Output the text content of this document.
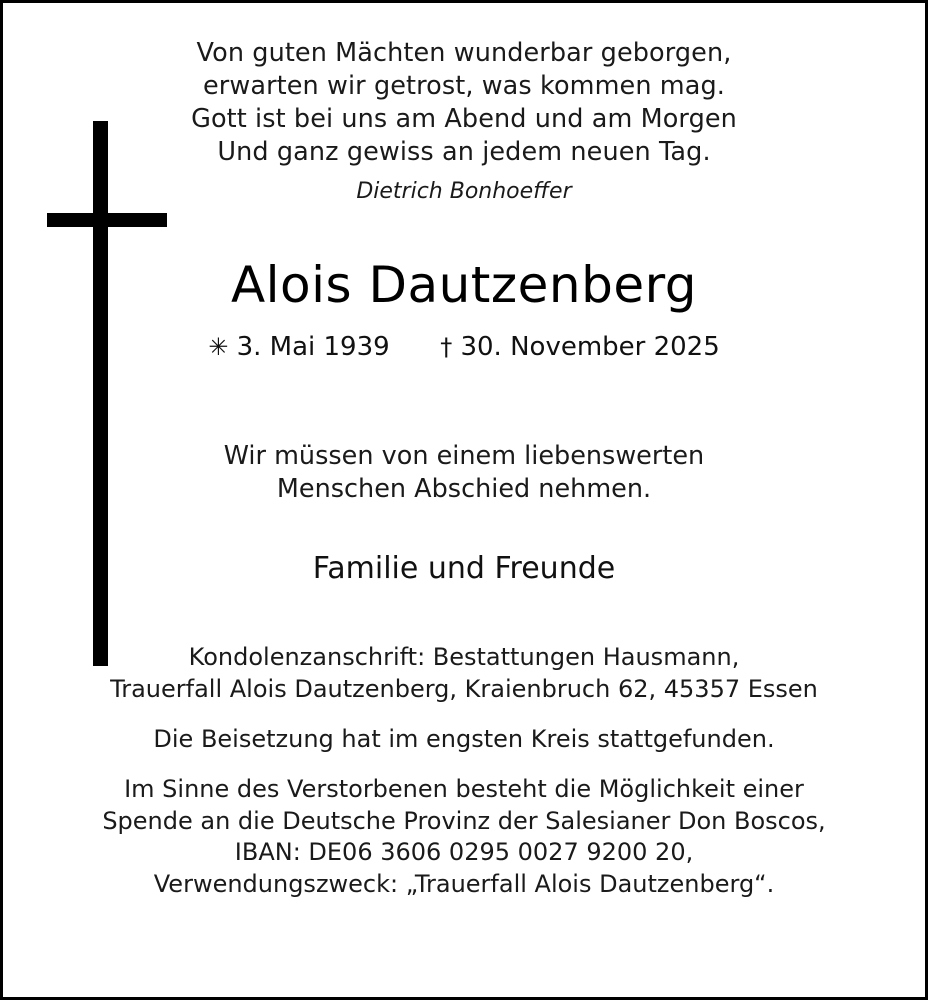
Von guten Mächten wunderbar geborgen,
erwarten wir getrost, was kommen mag.
Gott ist bei uns am Abend und am Morgen
Und ganz gewiss an jedem neuen Tag.
Dietrich Bonhoeffer
Alois Dautzenberg
✳ 3. Mai 1939 † 30. November 2025
Wir müssen von einem liebenswerten
Menschen Abschied nehmen.
Familie und Freunde
Kondolenzanschrift: Bestattungen Hausmann,
Trauerfall Alois Dautzenberg, Kraienbruch 62, 45357 Essen
Die Beisetzung hat im engsten Kreis stattgefunden.
Im Sinne des Verstorbenen besteht die Möglichkeit einer
Spende an die Deutsche Provinz der Salesianer Don Boscos,
IBAN: DE06 3606 0295 0027 9200 20,
Verwendungszweck: „Trauerfall Alois Dautzenberg“.
